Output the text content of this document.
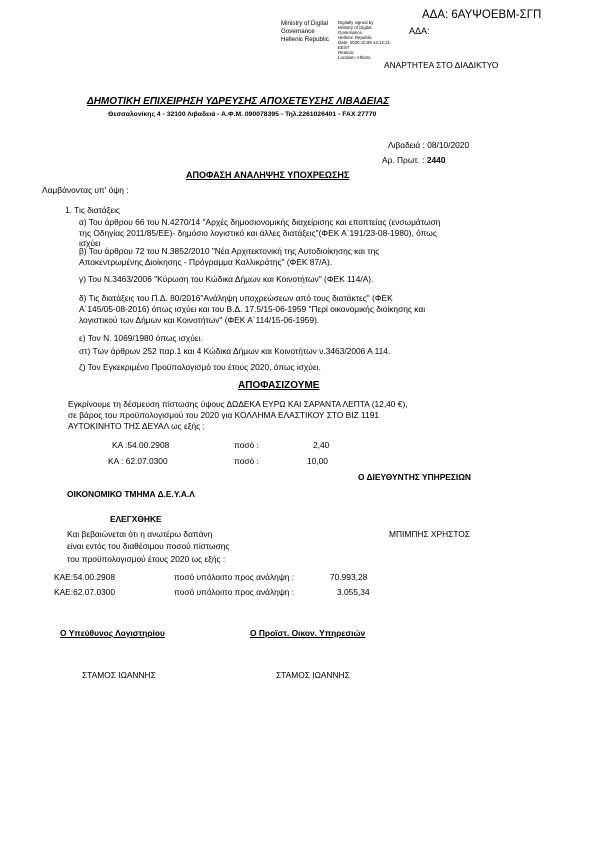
ΑΔΑ: 6ΑΥΨΟΕΒΜ-ΣΓΠ
Ministry of Digital
Governance
Hellenic Republic
Digitally signed by
Ministry of Digital
Governance,
Hellenic Republic
Date: 2020.10.08 14:12:21
EEST
Reason:
Location: Athens
ΑΔΑ:
ΑΝΑΡΤΗΤΕΑ ΣΤΟ ΔΙΑΔΙΚΤΥΟ
ΔΗΜΟΤΙΚΗ ΕΠΙΧΕΙΡΗΣΗ ΥΔΡΕΥΣΗΣ ΑΠΟΧΕΤΕΥΣΗΣ ΛΙΒΑΔΕΙΑΣ
Θεσσαλονίκης 4 - 32100 Λιβαδειά - Α.Φ.Μ. 090078395 - Τηλ.2261026401 - FAX 27770
Λιβαδειά : 08/10/2020
Αρ. Πρωτ. : 2440
ΑΠΟΦΑΣΗ ΑΝΑΛΗΨΗΣ ΥΠΟΧΡΕΩΣΗΣ
Λαμβάνοντας υπ' όψη :
1. Τις διατάξεις
α) Του άρθρου 66 του Ν.4270/14 "Αρχές δημοσιονομικής διαχείρισης και εποπτείας (ενσωμάτωση
της Οδηγίας 2011/85/ΕΕ)- δημόσιο λογιστικό και άλλες διατάξεις"(ΦΕΚ Α΄191/23-08-1980), όπως
ισχύει
β) Του άρθρου 72 του Ν.3852/2010 "Νέα Αρχιτεκτονική της Αυτοδιοίκησης και της
Αποκεντρωμένης Διοίκησης - Πρόγραμμα Καλλικράτης" (ΦΕΚ 87/Α).
γ) Του Ν.3463/2006 "Κύρωση του Κώδικα Δήμων και Κοινοτήτων" (ΦΕΚ 114/Α).
δ) Τις διατάξεις του Π.Δ. 80/2016"Ανάληψη υποχρεώσεων από τους διατάκτες" (ΦΕΚ
Α΄145/05-08-2016) όπως ισχύει και του Β.Δ. 17.5/15-06-1959 "Περί οικονομικής διοίκησης και
λογιστικού των Δήμων και Κοινοτήτων" (ΦΕΚ Α΄114/15-06-1959).
ε) Τον Ν. 1069/1980 όπως ισχύει.
στ) Των άρθρων 252 παρ.1 και 4 Κώδικα Δήμων και Κοινοτήτων ν.3463/2006 Α 114.
ζ) Τον Εγκεκριμένο Προϋπολογισμό του έτους 2020, όπως ισχύει.
ΑΠΟΦΑΣΙΖΟΥΜΕ
Εγκρίνουμε τη δέσμευση πίστωσης ύψους ΔΩΔΕΚΑ ΕΥΡΩ ΚΑΙ ΣΑΡΑΝΤΑ ΛΕΠΤΑ (12,40 €),
σε βάρος του προϋπολογισμού του 2020 για ΚΟΛΛΗΜΑ ΕΛΑΣΤΙΚΟΥ ΣΤΟ ΒΙΖ 1191
ΑΥΤΟΚΙΝΗΤΟ ΤΗΣ ΔΕΥΑΛ ως εξής :
ΚΑ :54.00.2908	ποσό :	2,40
ΚΑ : 62.07.0300	ποσό :	10,00
Ο ΔΙΕΥΘΥΝΤΗΣ ΥΠΗΡΕΣΙΩΝ
ΟΙΚΟΝΟΜΙΚΟ ΤΜΗΜΑ Δ.Ε.Υ.Α.Λ
ΕΛΕΓΧΘΗΚΕ
Και βεβαιώνεται ότι η ανωτέρω δαπάνη
είναι εντός του διαθέσιμου ποσού πίστωσης
του προϋπολογισμού έτους 2020 ως εξής :
ΜΠΙΜΠΗΣ ΧΡΗΣΤΟΣ
ΚΑΕ:54.00.2908	ποσό υπόλοιπο προς ανάληψη :	70.993,28
ΚΑΕ:62.07.0300	ποσό υπόλοιπο προς ανάληψη :	3.055,34
Ο Υπεύθυνος Λογιστηρίου	Ο Προϊστ. Οικον. Υπηρεσιών
ΣΤΑΜΟΣ ΙΩΑΝΝΗΣ	ΣΤΑΜΟΣ ΙΩΑΝΝΗΣ
